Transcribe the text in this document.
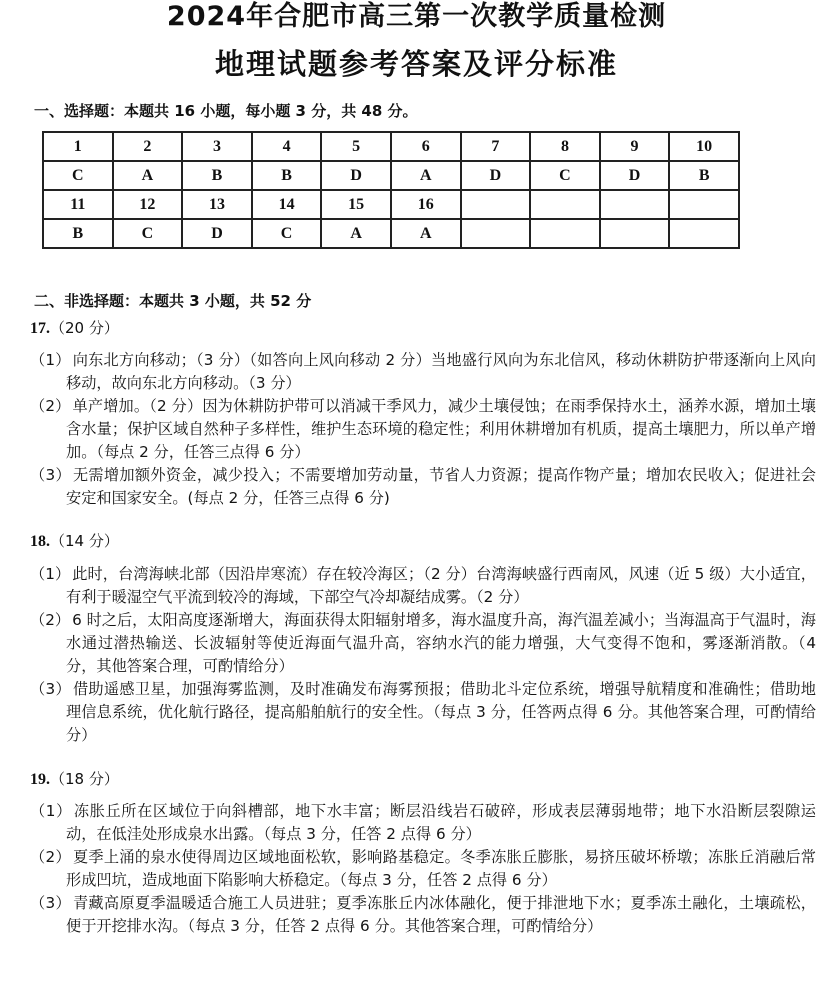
2024年合肥市高三第一次教学质量检测
地理试题参考答案及评分标准
一、选择题：本题共 16 小题，每小题 3 分，共 48 分。
1	2	3	4	5	6	7	8	9	10
C	A	B	B	D	A	D	C	D	B
11	12	13	14	15	16				
B	C	D	C	A	A				
二、非选择题：本题共 3 小题，共 52 分
17.（20 分）
（1） 向东北方向移动；（3 分）（如答向上风向移动 2 分）当地盛行风向为东北信风，移动休耕防护带逐渐向上风向移动，故向东北方向移动。（3 分）
（2） 单产增加。（2 分）因为休耕防护带可以消减干季风力，减少土壤侵蚀；在雨季保持水土，涵养水源，增加土壤含水量；保护区域自然种子多样性，维护生态环境的稳定性；利用休耕增加有机质，提高土壤肥力，所以单产增加。（每点 2 分，任答三点得 6 分）
（3） 无需增加额外资金，减少投入；不需要增加劳动量，节省人力资源；提高作物产量；增加农民收入；促进社会安定和国家安全。(每点 2 分，任答三点得 6 分)
18.（14 分）
（1） 此时，台湾海峡北部（因沿岸寒流）存在较冷海区；（2 分）台湾海峡盛行西南风，风速（近 5 级）大小适宜，有利于暖湿空气平流到较冷的海域，下部空气冷却凝结成雾。（2 分）
（2） 6 时之后，太阳高度逐渐增大，海面获得太阳辐射增多，海水温度升高，海汽温差减小；当海温高于气温时，海水通过潜热输送、长波辐射等使近海面气温升高，容纳水汽的能力增强，大气变得不饱和，雾逐渐消散。（4 分，其他答案合理，可酌情给分）
（3） 借助遥感卫星，加强海雾监测，及时准确发布海雾预报；借助北斗定位系统，增强导航精度和准确性；借助地理信息系统，优化航行路径，提高船舶航行的安全性。（每点 3 分，任答两点得 6 分。其他答案合理，可酌情给分）
19.（18 分）
（1） 冻胀丘所在区域位于向斜槽部，地下水丰富；断层沿线岩石破碎，形成表层薄弱地带；地下水沿断层裂隙运动，在低洼处形成泉水出露。（每点 3 分，任答 2 点得 6 分）
（2） 夏季上涌的泉水使得周边区域地面松软，影响路基稳定。冬季冻胀丘膨胀，易挤压破坏桥墩；冻胀丘消融后常形成凹坑，造成地面下陷影响大桥稳定。（每点 3 分，任答 2 点得 6 分）
（3） 青藏高原夏季温暖适合施工人员进驻；夏季冻胀丘内冰体融化，便于排泄地下水；夏季冻土融化，土壤疏松，便于开挖排水沟。（每点 3 分，任答 2 点得 6 分。其他答案合理，可酌情给分）
